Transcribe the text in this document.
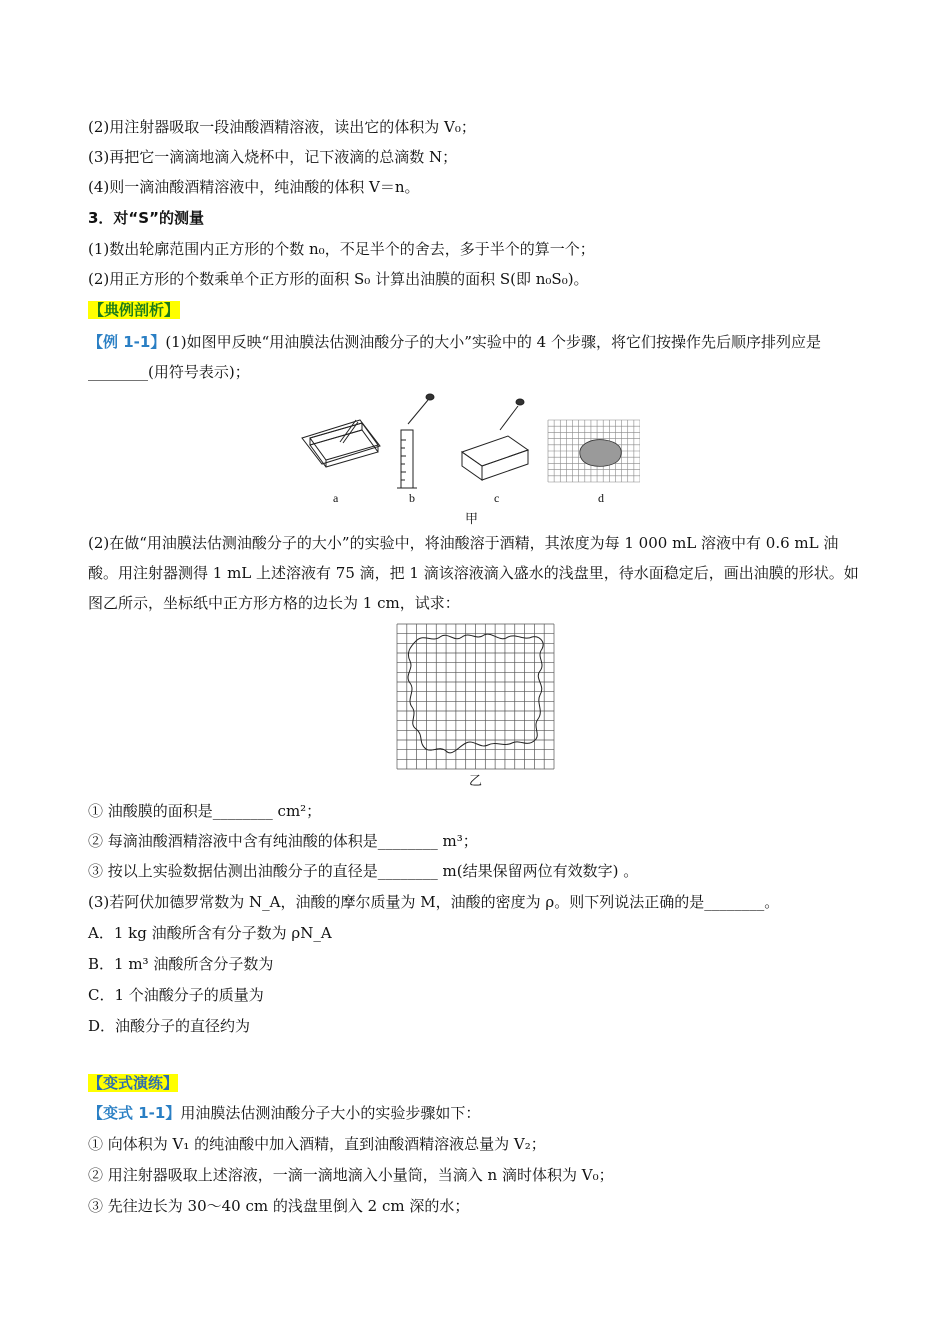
(2)用注射器吸取一段油酸酒精溶液，读出它的体积为 V₀；
(3)再把它一滴滴地滴入烧杯中，记下液滴的总滴数 N；
(4)则一滴油酸酒精溶液中，纯油酸的体积 V＝n。
3．对“S”的测量
(1)数出轮廓范围内正方形的个数 n₀，不足半个的舍去，多于半个的算一个；
(2)用正方形的个数乘单个正方形的面积 S₀ 计算出油膜的面积 S(即 n₀S₀)。
【典例剖析】
【例 1-1】(1)如图甲反映“用油膜法估测油酸分子的大小”实验中的 4 个步骤，将它们按操作先后顺序排列应是________(用符号表示)；
a	b	c	d
甲
(2)在做“用油膜法估测油酸分子的大小”的实验中，将油酸溶于酒精，其浓度为每 1 000 mL 溶液中有 0.6 mL 油酸。用注射器测得 1 mL 上述溶液有 75 滴，把 1 滴该溶液滴入盛水的浅盘里，待水面稳定后，画出油膜的形状。如图乙所示，坐标纸中正方形方格的边长为 1 cm，试求：
乙
① 油酸膜的面积是________ cm²；
② 每滴油酸酒精溶液中含有纯油酸的体积是________ m³；
③ 按以上实验数据估测出油酸分子的直径是________ m(结果保留两位有效数字) 。
(3)若阿伏加德罗常数为 N_A，油酸的摩尔质量为 M，油酸的密度为 ρ。则下列说法正确的是________。
A．1 kg 油酸所含有分子数为 ρN_A
B．1 m³ 油酸所含分子数为
C．1 个油酸分子的质量为
D．油酸分子的直径约为
【变式演练】
【变式 1-1】用油膜法估测油酸分子大小的实验步骤如下：
① 向体积为 V₁ 的纯油酸中加入酒精，直到油酸酒精溶液总量为 V₂；
② 用注射器吸取上述溶液，一滴一滴地滴入小量筒，当滴入 n 滴时体积为 V₀；
③ 先往边长为 30～40 cm 的浅盘里倒入 2 cm 深的水；
